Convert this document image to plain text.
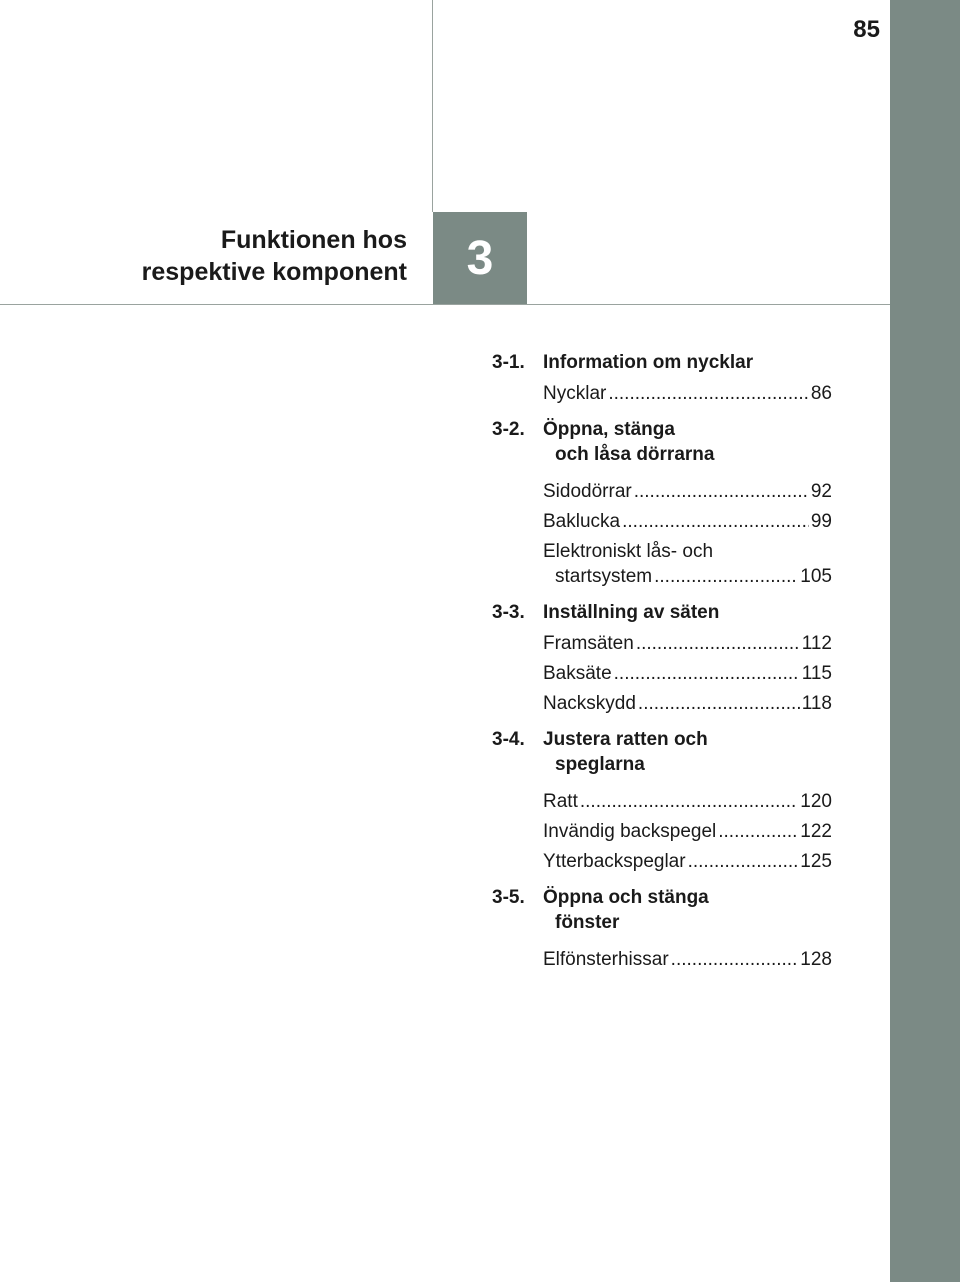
85
3
Funktionen hos
respektive komponent
3-1. Information om nycklar
Nycklar .....	86
3-2. Öppna, stänga
och låsa dörrarna
Sidodörrar .....	92
Baklucka .....	99
Elektroniskt lås- och
startsystem .....	105
3-3. Inställning av säten
Framsäten .....	112
Baksäte .....	115
Nackskydd .....	118
3-4. Justera ratten och
speglarna
Ratt .....	120
Invändig backspegel .....	122
Ytterbackspeglar .....	125
3-5. Öppna och stänga
fönster
Elfönsterhissar .....	128
carmanualsonline.info
